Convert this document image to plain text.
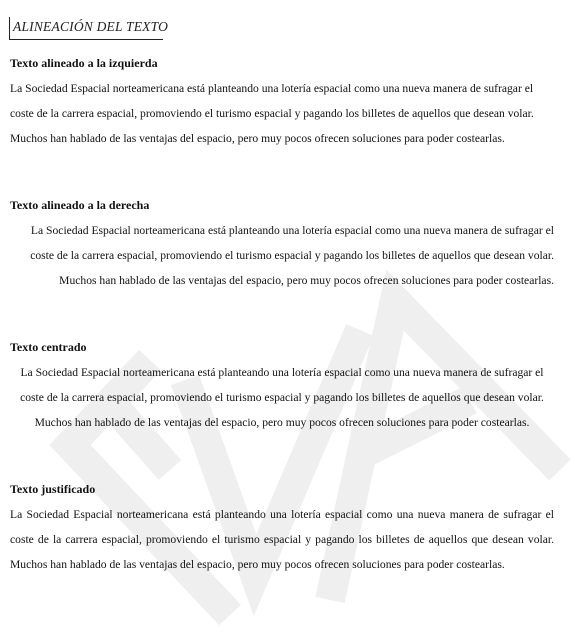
ALINEACIÓN DEL TEXTO
Texto alineado a la izquierda

La Sociedad Espacial norteamericana está planteando una lotería espacial como una nueva manera de sufragar el coste de la carrera espacial, promoviendo el turismo espacial y pagando los billetes de aquellos que desean volar. Muchos han hablado de las ventajas del espacio, pero muy pocos ofrecen soluciones para poder costearlas.

Texto alineado a la derecha

La Sociedad Espacial norteamericana está planteando una lotería espacial como una nueva manera de sufragar el coste de la carrera espacial, promoviendo el turismo espacial y pagando los billetes de aquellos que desean volar. Muchos han hablado de las ventajas del espacio, pero muy pocos ofrecen soluciones para poder costearlas.

Texto centrado

La Sociedad Espacial norteamericana está planteando una lotería espacial como una nueva manera de sufragar el coste de la carrera espacial, promoviendo el turismo espacial y pagando los billetes de aquellos que desean volar. Muchos han hablado de las ventajas del espacio, pero muy pocos ofrecen soluciones para poder costearlas.

Texto justificado

La Sociedad Espacial norteamericana está planteando una lotería espacial como una nueva manera de sufragar el coste de la carrera espacial, promoviendo el turismo espacial y pagando los billetes de aquellos que desean volar. Muchos han hablado de las ventajas del espacio, pero muy pocos ofrecen soluciones para poder costearlas.
